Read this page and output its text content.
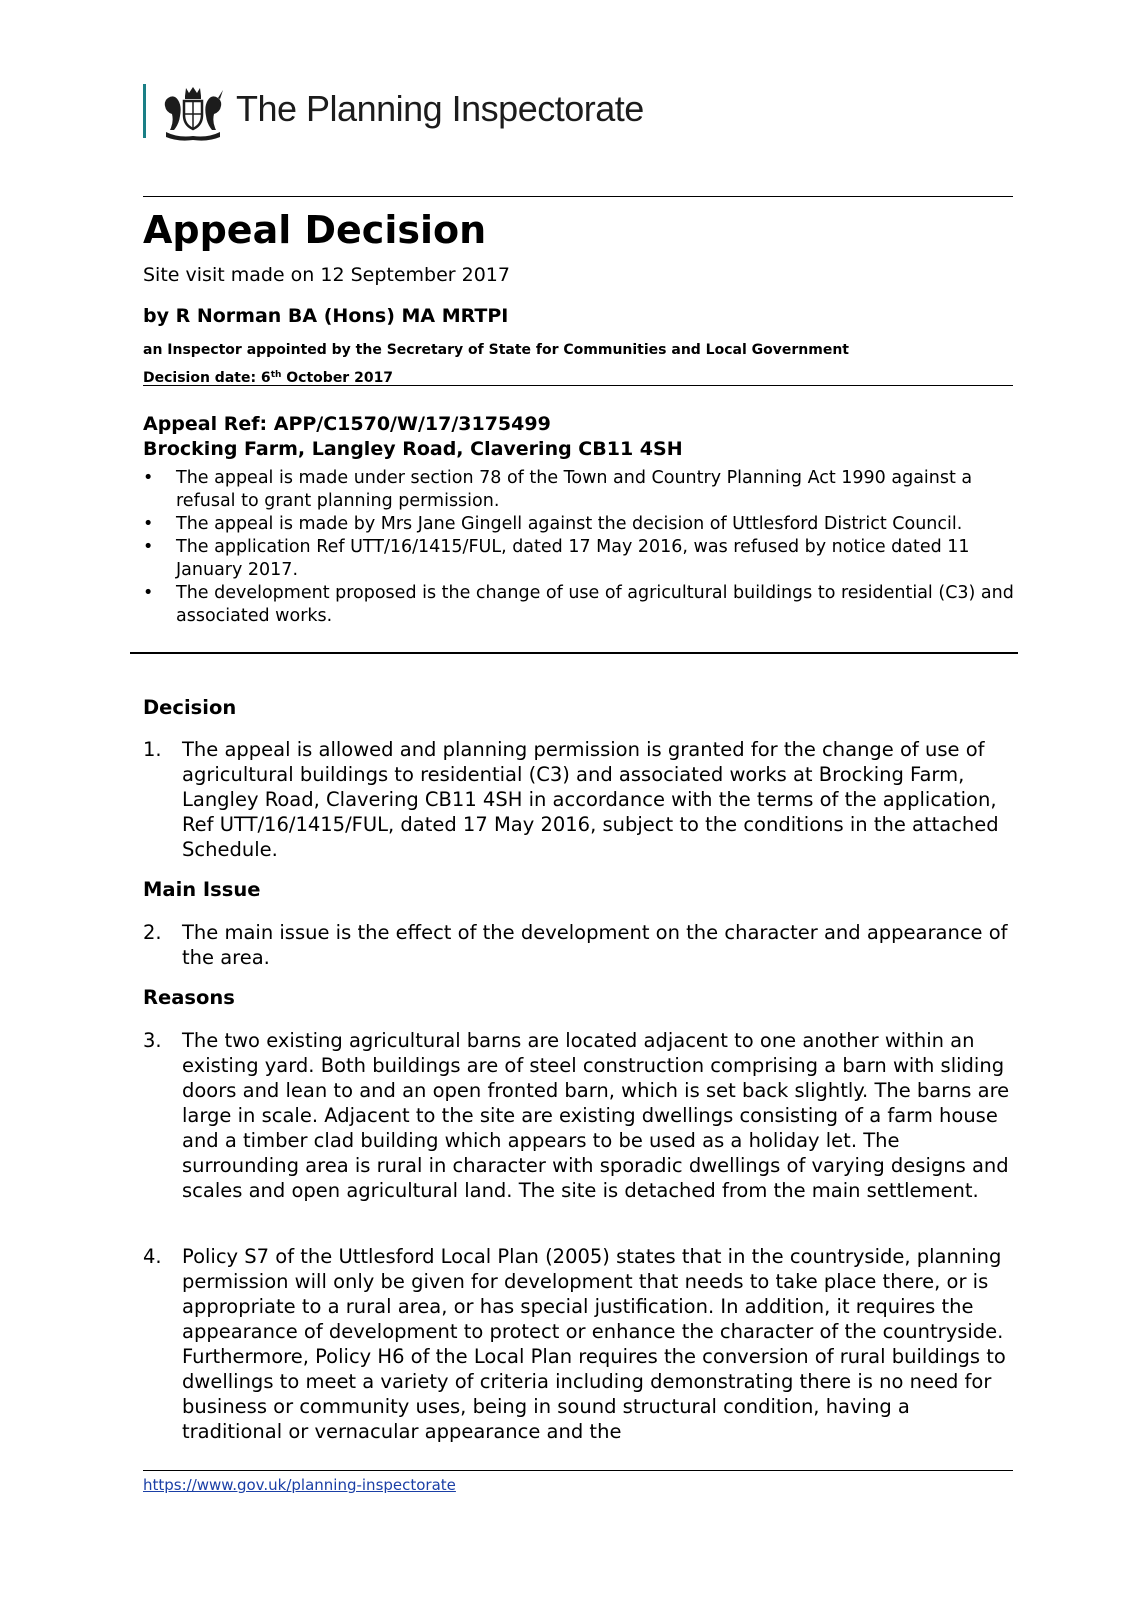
The Planning Inspectorate
Appeal Decision
Site visit made on 12 September 2017
by R Norman BA (Hons) MA MRTPI
an Inspector appointed by the Secretary of State for Communities and Local Government
Decision date: 6th October 2017
Appeal Ref: APP/C1570/W/17/3175499
Brocking Farm, Langley Road, Clavering CB11 4SH
• The appeal is made under section 78 of the Town and Country Planning Act 1990 against a refusal to grant planning permission.
• The appeal is made by Mrs Jane Gingell against the decision of Uttlesford District Council.
• The application Ref UTT/16/1415/FUL, dated 17 May 2016, was refused by notice dated 11 January 2017.
• The development proposed is the change of use of agricultural buildings to residential (C3) and associated works.
Decision
1. The appeal is allowed and planning permission is granted for the change of use of agricultural buildings to residential (C3) and associated works at Brocking Farm, Langley Road, Clavering CB11 4SH in accordance with the terms of the application, Ref UTT/16/1415/FUL, dated 17 May 2016, subject to the conditions in the attached Schedule.
Main Issue
2. The main issue is the effect of the development on the character and appearance of the area.
Reasons
3. The two existing agricultural barns are located adjacent to one another within an existing yard. Both buildings are of steel construction comprising a barn with sliding doors and lean to and an open fronted barn, which is set back slightly. The barns are large in scale. Adjacent to the site are existing dwellings consisting of a farm house and a timber clad building which appears to be used as a holiday let. The surrounding area is rural in character with sporadic dwellings of varying designs and scales and open agricultural land. The site is detached from the main settlement.
4. Policy S7 of the Uttlesford Local Plan (2005) states that in the countryside, planning permission will only be given for development that needs to take place there, or is appropriate to a rural area, or has special justification. In addition, it requires the appearance of development to protect or enhance the character of the countryside. Furthermore, Policy H6 of the Local Plan requires the conversion of rural buildings to dwellings to meet a variety of criteria including demonstrating there is no need for business or community uses, being in sound structural condition, having a traditional or vernacular appearance and the
https://www.gov.uk/planning-inspectorate
